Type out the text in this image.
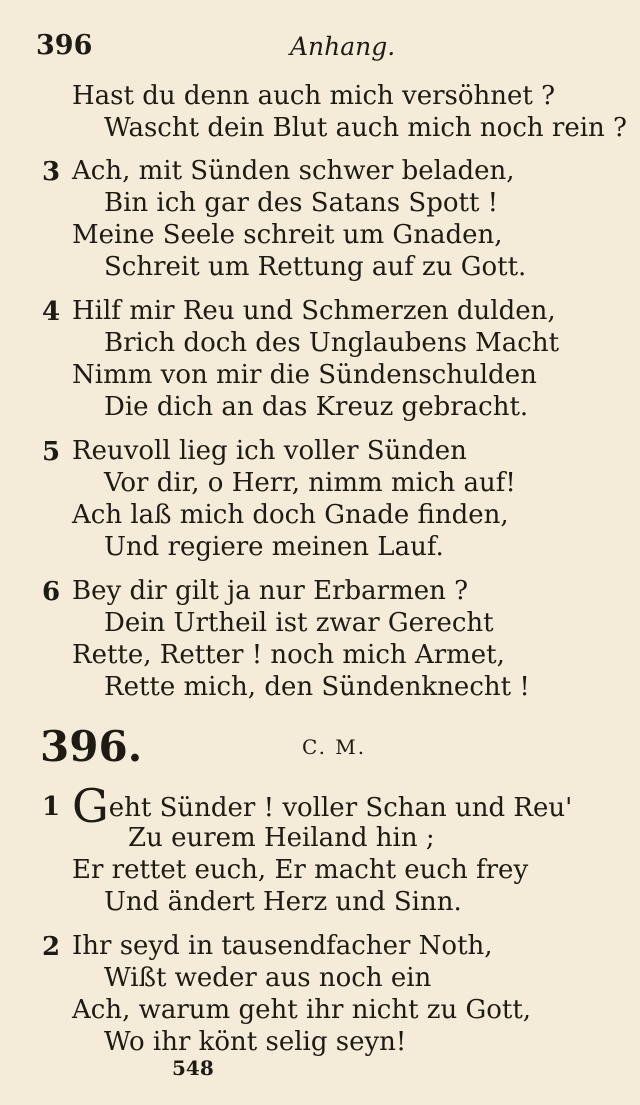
396	Anhang.
Hast du denn auch mich versöhnet ?
Wascht dein Blut auch mich noch rein ?
3 Ach, mit Sünden schwer beladen,
Bin ich gar des Satans Spott !
Meine Seele schreit um Gnaden,
Schreit um Rettung auf zu Gott.
4 Hilf mir Reu und Schmerzen dulden,
Brich doch des Unglaubens Macht
Nimm von mir die Sündenschulden
Die dich an das Kreuz gebracht.
5 Reuvoll lieg ich voller Sünden
Vor dir, o Herr, nimm mich auf!
Ach laß mich doch Gnade finden,
Und regiere meinen Lauf.
6 Bey dir gilt ja nur Erbarmen ?
Dein Urtheil ist zwar Gerecht
Rette, Retter ! noch mich Armet,
Rette mich, den Sündenknecht !
396.	C. M.
1 Geht Sünder ! voller Schan und Reu'
Zu eurem Heiland hin ;
Er rettet euch, Er macht euch frey
Und ändert Herz und Sinn.
2 Ihr seyd in tausendfacher Noth,
Wißt weder aus noch ein
Ach, warum geht ihr nicht zu Gott,
Wo ihr könt selig seyn!
548
